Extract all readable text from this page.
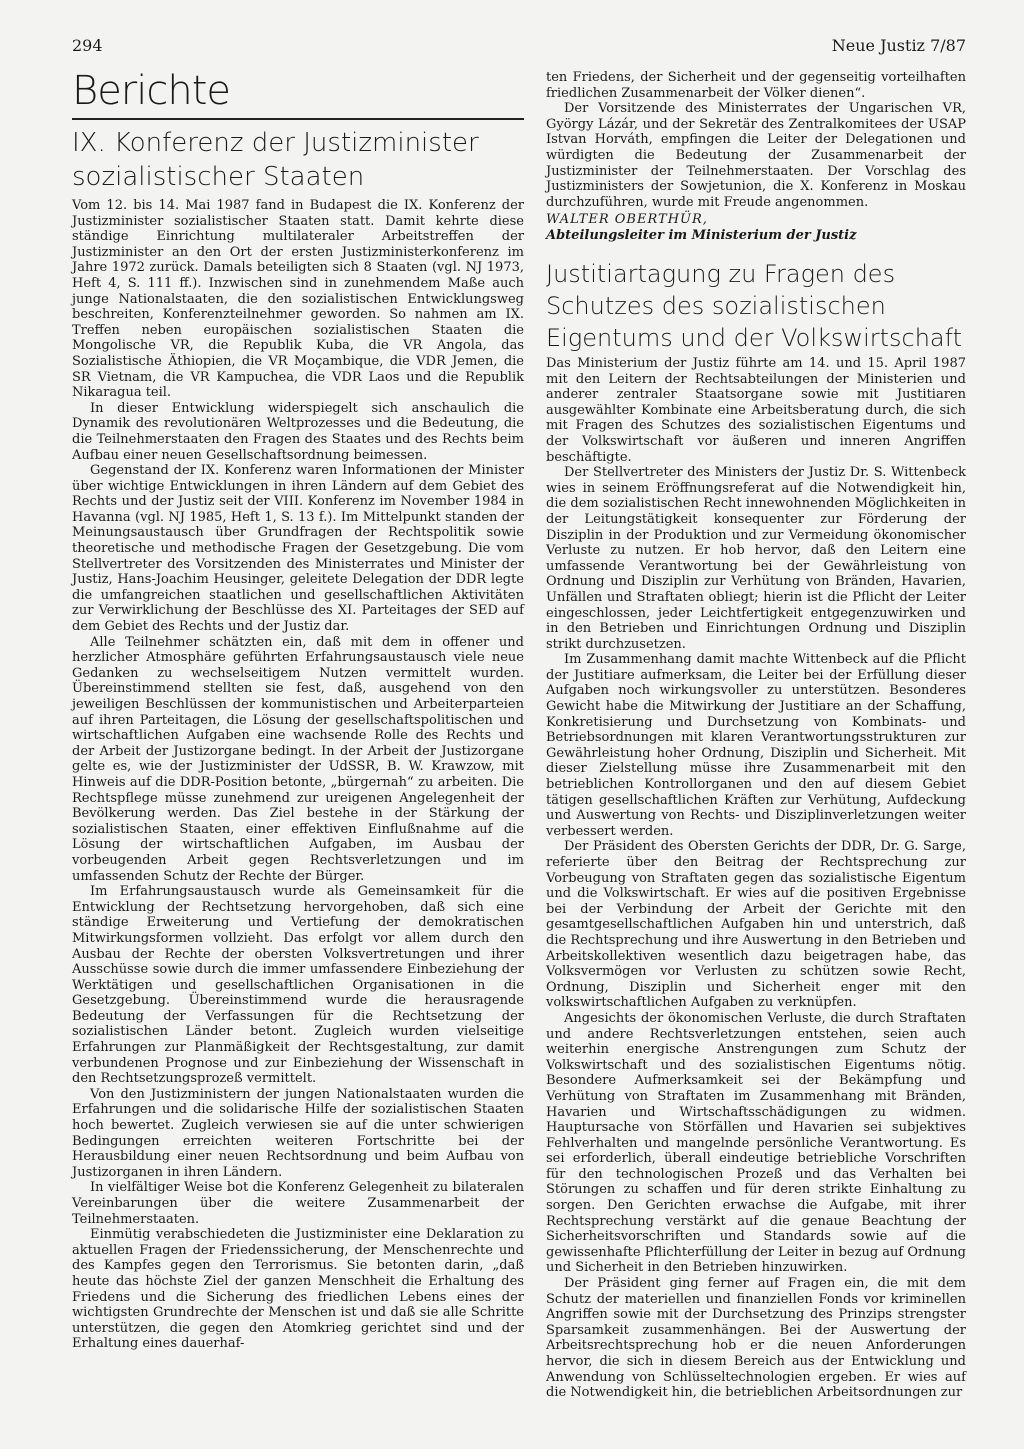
294	Neue Justiz 7/87
Berichte
IX. Konferenz der Justizminister sozialistischer Staaten

Vom 12. bis 14. Mai 1987 fand in Budapest die IX. Konferenz der Justizminister sozialistischer Staaten statt. Damit kehrte diese ständige Einrichtung multilateraler Arbeitstreffen der Justizminister an den Ort der ersten Justizministerkonferenz im Jahre 1972 zurück. Damals beteiligten sich 8 Staaten (vgl. NJ 1973, Heft 4, S. 111 ff.). Inzwischen sind in zunehmendem Maße auch junge Nationalstaaten, die den sozialistischen Entwicklungsweg beschreiten, Konferenzteilnehmer geworden. So nahmen am IX. Treffen neben europäischen sozialistischen Staaten die Mongolische VR, die Republik Kuba, die VR Angola, das Sozialistische Äthiopien, die VR Moçambique, die VDR Jemen, die SR Vietnam, die VR Kampuchea, die VDR Laos und die Republik Nikaragua teil.

In dieser Entwicklung widerspiegelt sich anschaulich die Dynamik des revolutionären Weltprozesses und die Bedeutung, die die Teilnehmerstaaten den Fragen des Staates und des Rechts beim Aufbau einer neuen Gesellschaftsordnung beimessen.

Gegenstand der IX. Konferenz waren Informationen der Minister über wichtige Entwicklungen in ihren Ländern auf dem Gebiet des Rechts und der Justiz seit der VIII. Konferenz im November 1984 in Havanna (vgl. NJ 1985, Heft 1, S. 13 f.). Im Mittelpunkt standen der Meinungsaustausch über Grundfragen der Rechtspolitik sowie theoretische und methodische Fragen der Gesetzgebung. Die vom Stellvertreter des Vorsitzenden des Ministerrates und Minister der Justiz, Hans-Joachim Heusinger, geleitete Delegation der DDR legte die umfangreichen staatlichen und gesellschaftlichen Aktivitäten zur Verwirklichung der Beschlüsse des XI. Parteitages der SED auf dem Gebiet des Rechts und der Justiz dar.

Alle Teilnehmer schätzten ein, daß mit dem in offener und herzlicher Atmosphäre geführten Erfahrungsaustausch viele neue Gedanken zu wechselseitigem Nutzen vermittelt wurden. Übereinstimmend stellten sie fest, daß, ausgehend von den jeweiligen Beschlüssen der kommunistischen und Arbeiterparteien auf ihren Parteitagen, die Lösung der gesellschaftspolitischen und wirtschaftlichen Aufgaben eine wachsende Rolle des Rechts und der Arbeit der Justizorgane bedingt. In der Arbeit der Justizorgane gelte es, wie der Justizminister der UdSSR, B. W. Krawzow, mit Hinweis auf die DDR-Position betonte, „bürgernah“ zu arbeiten. Die Rechtspflege müsse zunehmend zur ureigenen Angelegenheit der Bevölkerung werden. Das Ziel bestehe in der Stärkung der sozialistischen Staaten, einer effektiven Einflußnahme auf die Lösung der wirtschaftlichen Aufgaben, im Ausbau der vorbeugenden Arbeit gegen Rechtsverletzungen und im umfassenden Schutz der Rechte der Bürger.

Im Erfahrungsaustausch wurde als Gemeinsamkeit für die Entwicklung der Rechtsetzung hervorgehoben, daß sich eine ständige Erweiterung und Vertiefung der demokratischen Mitwirkungsformen vollzieht. Das erfolgt vor allem durch den Ausbau der Rechte der obersten Volksvertretungen und ihrer Ausschüsse sowie durch die immer umfassendere Einbeziehung der Werktätigen und gesellschaftlichen Organisationen in die Gesetzgebung. Übereinstimmend wurde die herausragende Bedeutung der Verfassungen für die Rechtsetzung der sozialistischen Länder betont. Zugleich wurden vielseitige Erfahrungen zur Planmäßigkeit der Rechtsgestaltung, zur damit verbundenen Prognose und zur Einbeziehung der Wissenschaft in den Rechtsetzungsprozeß vermittelt.

Von den Justizministern der jungen Nationalstaaten wurden die Erfahrungen und die solidarische Hilfe der sozialistischen Staaten hoch bewertet. Zugleich verwiesen sie auf die unter schwierigen Bedingungen erreichten weiteren Fortschritte bei der Herausbildung einer neuen Rechtsordnung und beim Aufbau von Justizorganen in ihren Ländern.

In vielfältiger Weise bot die Konferenz Gelegenheit zu bilateralen Vereinbarungen über die weitere Zusammenarbeit der Teilnehmerstaaten.

Einmütig verabschiedeten die Justizminister eine Deklaration zu aktuellen Fragen der Friedenssicherung, der Menschenrechte und des Kampfes gegen den Terrorismus. Sie betonten darin, „daß heute das höchste Ziel der ganzen Menschheit die Erhaltung des Friedens und die Sicherung des friedlichen Lebens eines der wichtigsten Grundrechte der Menschen ist und daß sie alle Schritte unterstützen, die gegen den Atomkrieg gerichtet sind und der Erhaltung eines dauerhaf-

ten Friedens, der Sicherheit und der gegenseitig vorteilhaften friedlichen Zusammenarbeit der Völker dienen“.

Der Vorsitzende des Ministerrates der Ungarischen VR, György Lázár, und der Sekretär des Zentralkomitees der USAP Istvan Horváth, empfingen die Leiter der Delegationen und würdigten die Bedeutung der Zusammenarbeit der Justizminister der Teilnehmerstaaten. Der Vorschlag des Justizministers der Sowjetunion, die X. Konferenz in Moskau durchzuführen, wurde mit Freude angenommen.

WALTER OBERTHÜR,
Abteilungsleiter im Ministerium der Justiz
Justitiartagung zu Fragen des Schutzes des sozialistischen Eigentums und der Volkswirtschaft

Das Ministerium der Justiz führte am 14. und 15. April 1987 mit den Leitern der Rechtsabteilungen der Ministerien und anderer zentraler Staatsorgane sowie mit Justitiaren ausgewählter Kombinate eine Arbeitsberatung durch, die sich mit Fragen des Schutzes des sozialistischen Eigentums und der Volkswirtschaft vor äußeren und inneren Angriffen beschäftigte.

Der Stellvertreter des Ministers der Justiz Dr. S. Wittenbeck wies in seinem Eröffnungsreferat auf die Notwendigkeit hin, die dem sozialistischen Recht innewohnenden Möglichkeiten in der Leitungstätigkeit konsequenter zur Förderung der Disziplin in der Produktion und zur Vermeidung ökonomischer Verluste zu nutzen. Er hob hervor, daß den Leitern eine umfassende Verantwortung bei der Gewährleistung von Ordnung und Disziplin zur Verhütung von Bränden, Havarien, Unfällen und Straftaten obliegt; hierin ist die Pflicht der Leiter eingeschlossen, jeder Leichtfertigkeit entgegenzuwirken und in den Betrieben und Einrichtungen Ordnung und Disziplin strikt durchzusetzen.

Im Zusammenhang damit machte Wittenbeck auf die Pflicht der Justitiare aufmerksam, die Leiter bei der Erfüllung dieser Aufgaben noch wirkungsvoller zu unterstützen. Besonderes Gewicht habe die Mitwirkung der Justitiare an der Schaffung, Konkretisierung und Durchsetzung von Kombinats- und Betriebsordnungen mit klaren Verantwortungsstrukturen zur Gewährleistung hoher Ordnung, Disziplin und Sicherheit. Mit dieser Zielstellung müsse ihre Zusammenarbeit mit den betrieblichen Kontrollorganen und den auf diesem Gebiet tätigen gesellschaftlichen Kräften zur Verhütung, Aufdeckung und Auswertung von Rechts- und Disziplinverletzungen weiter verbessert werden.

Der Präsident des Obersten Gerichts der DDR, Dr. G. Sarge, referierte über den Beitrag der Rechtsprechung zur Vorbeugung von Straftaten gegen das sozialistische Eigentum und die Volkswirtschaft. Er wies auf die positiven Ergebnisse bei der Verbindung der Arbeit der Gerichte mit den gesamtgesellschaftlichen Aufgaben hin und unterstrich, daß die Rechtsprechung und ihre Auswertung in den Betrieben und Arbeitskollektiven wesentlich dazu beigetragen habe, das Volksvermögen vor Verlusten zu schützen sowie Recht, Ordnung, Disziplin und Sicherheit enger mit den volkswirtschaftlichen Aufgaben zu verknüpfen.

Angesichts der ökonomischen Verluste, die durch Straftaten und andere Rechtsverletzungen entstehen, seien auch weiterhin energische Anstrengungen zum Schutz der Volkswirtschaft und des sozialistischen Eigentums nötig. Besondere Aufmerksamkeit sei der Bekämpfung und Verhütung von Straftaten im Zusammenhang mit Bränden, Havarien und Wirtschaftsschädigungen zu widmen. Hauptursache von Störfällen und Havarien sei subjektives Fehlverhalten und mangelnde persönliche Verantwortung. Es sei erforderlich, überall eindeutige betriebliche Vorschriften für den technologischen Prozeß und das Verhalten bei Störungen zu schaffen und für deren strikte Einhaltung zu sorgen. Den Gerichten erwachse die Aufgabe, mit ihrer Rechtsprechung verstärkt auf die genaue Beachtung der Sicherheitsvorschriften und Standards sowie auf die gewissenhafte Pflichterfüllung der Leiter in bezug auf Ordnung und Sicherheit in den Betrieben hinzuwirken.

Der Präsident ging ferner auf Fragen ein, die mit dem Schutz der materiellen und finanziellen Fonds vor kriminellen Angriffen sowie mit der Durchsetzung des Prinzips strengster Sparsamkeit zusammenhängen. Bei der Auswertung der Arbeitsrechtsprechung hob er die neuen Anforderungen hervor, die sich in diesem Bereich aus der Entwicklung und Anwendung von Schlüsseltechnologien ergeben. Er wies auf die Notwendigkeit hin, die betrieblichen Arbeitsordnungen zur
